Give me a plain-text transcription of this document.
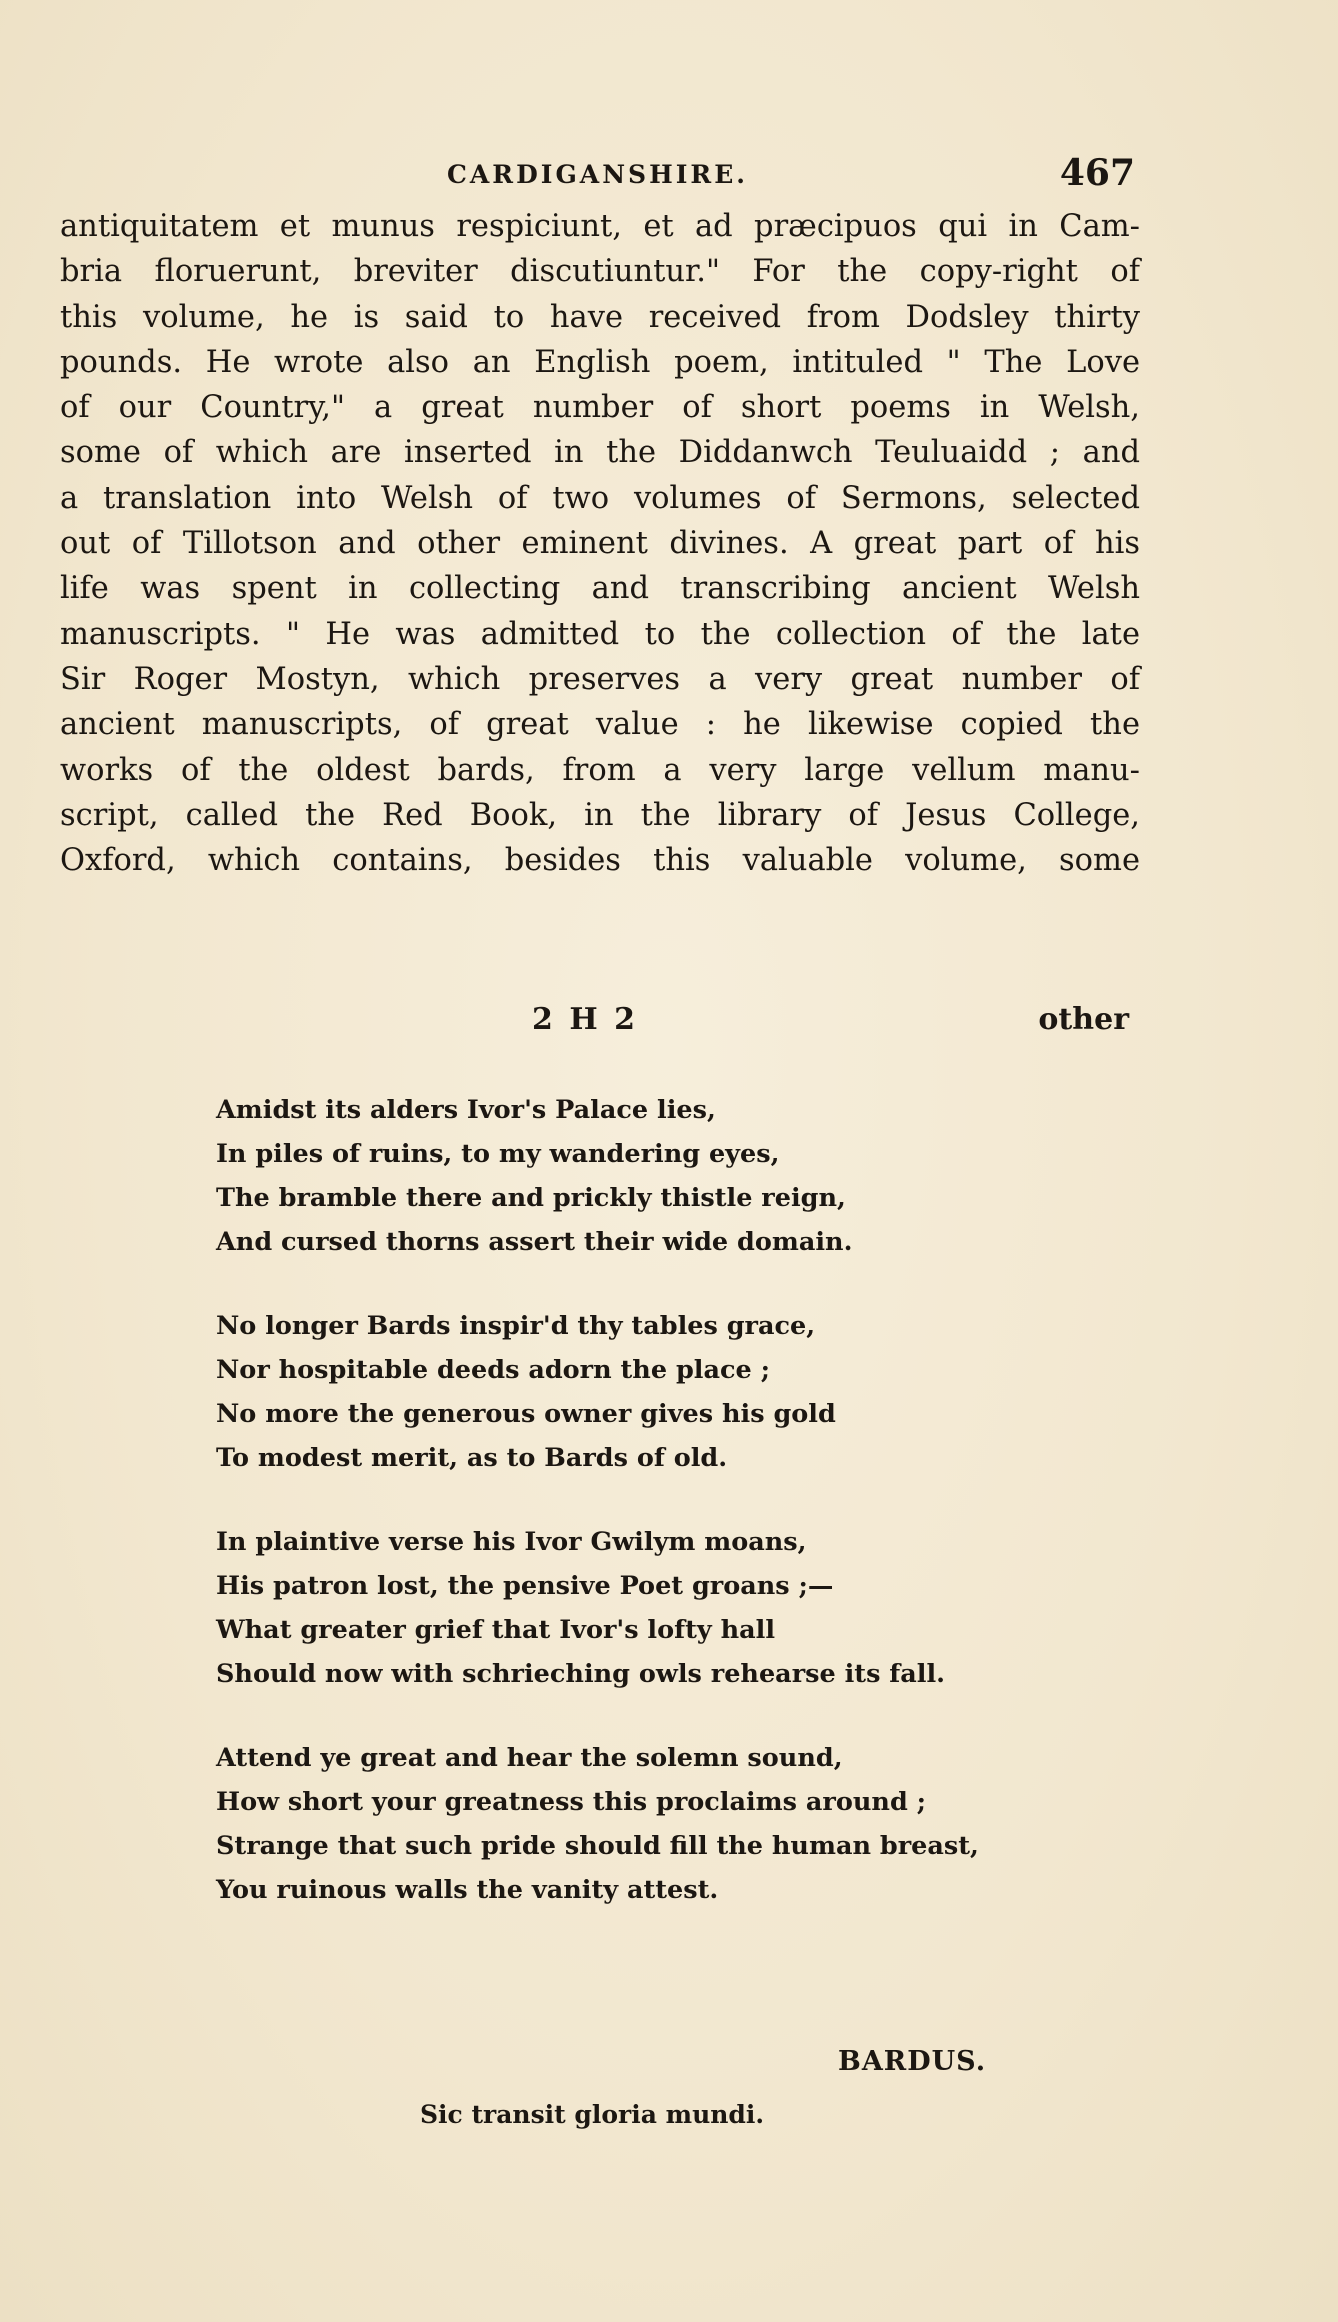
CARDIGANSHIRE.	467
antiquitatem et munus respiciunt, et ad præcipuos qui in Cam-
bria floruerunt, breviter discutiuntur." For the copy-right of
this volume, he is said to have received from Dodsley thirty
pounds. He wrote also an English poem, intituled " The Love
of our Country," a great number of short poems in Welsh,
some of which are inserted in the Diddanwch Teuluaidd ; and
a translation into Welsh of two volumes of Sermons, selected
out of Tillotson and other eminent divines. A great part of his
life was spent in collecting and transcribing ancient Welsh
manuscripts. " He was admitted to the collection of the late
Sir Roger Mostyn, which preserves a very great number of
ancient manuscripts, of great value : he likewise copied the
works of the oldest bards, from a very large vellum manu-
script, called the Red Book, in the library of Jesus College,
Oxford, which contains, besides this valuable volume, some
2 H 2	other
Amidst its alders Ivor's Palace lies,
In piles of ruins, to my wandering eyes,
The bramble there and prickly thistle reign,
And cursed thorns assert their wide domain.
No longer Bards inspir'd thy tables grace,
Nor hospitable deeds adorn the place ;
No more the generous owner gives his gold
To modest merit, as to Bards of old.
In plaintive verse his Ivor Gwilym moans,
His patron lost, the pensive Poet groans ;—
What greater grief that Ivor's lofty hall
Should now with schrieching owls rehearse its fall.
Attend ye great and hear the solemn sound,
How short your greatness this proclaims around ;
Strange that such pride should fill the human breast,
You ruinous walls the vanity attest.
BARDUS.
Sic transit gloria mundi.
